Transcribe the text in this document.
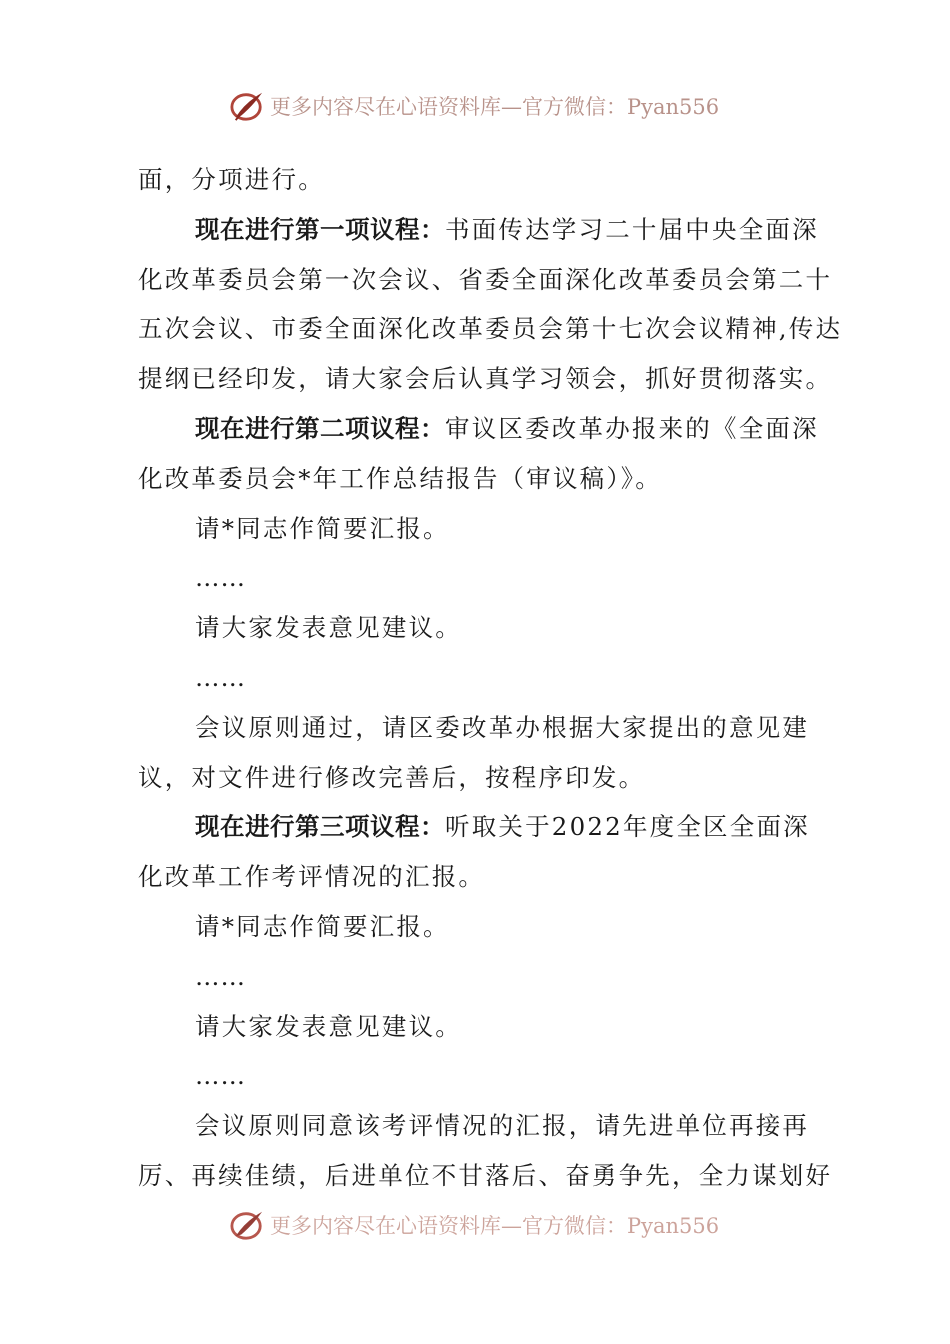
更多内容尽在心语资料库—官方微信：Pyan556
面，分项进行。
现在进行第一项议程：书面传达学习二十届中央全面深
化改革委员会第一次会议、省委全面深化改革委员会第二十
五次会议、市委全面深化改革委员会第十七次会议精神,传达
提纲已经印发，请大家会后认真学习领会，抓好贯彻落实。
现在进行第二项议程：审议区委改革办报来的《全面深
化改革委员会*年工作总结报告（审议稿）》。
请*同志作简要汇报。
……
请大家发表意见建议。
……
会议原则通过，请区委改革办根据大家提出的意见建
议，对文件进行修改完善后，按程序印发。
现在进行第三项议程：听取关于2022年度全区全面深
化改革工作考评情况的汇报。
请*同志作简要汇报。
……
请大家发表意见建议。
……
会议原则同意该考评情况的汇报，请先进单位再接再
厉、再续佳绩，后进单位不甘落后、奋勇争先，全力谋划好
更多内容尽在心语资料库—官方微信：Pyan556
